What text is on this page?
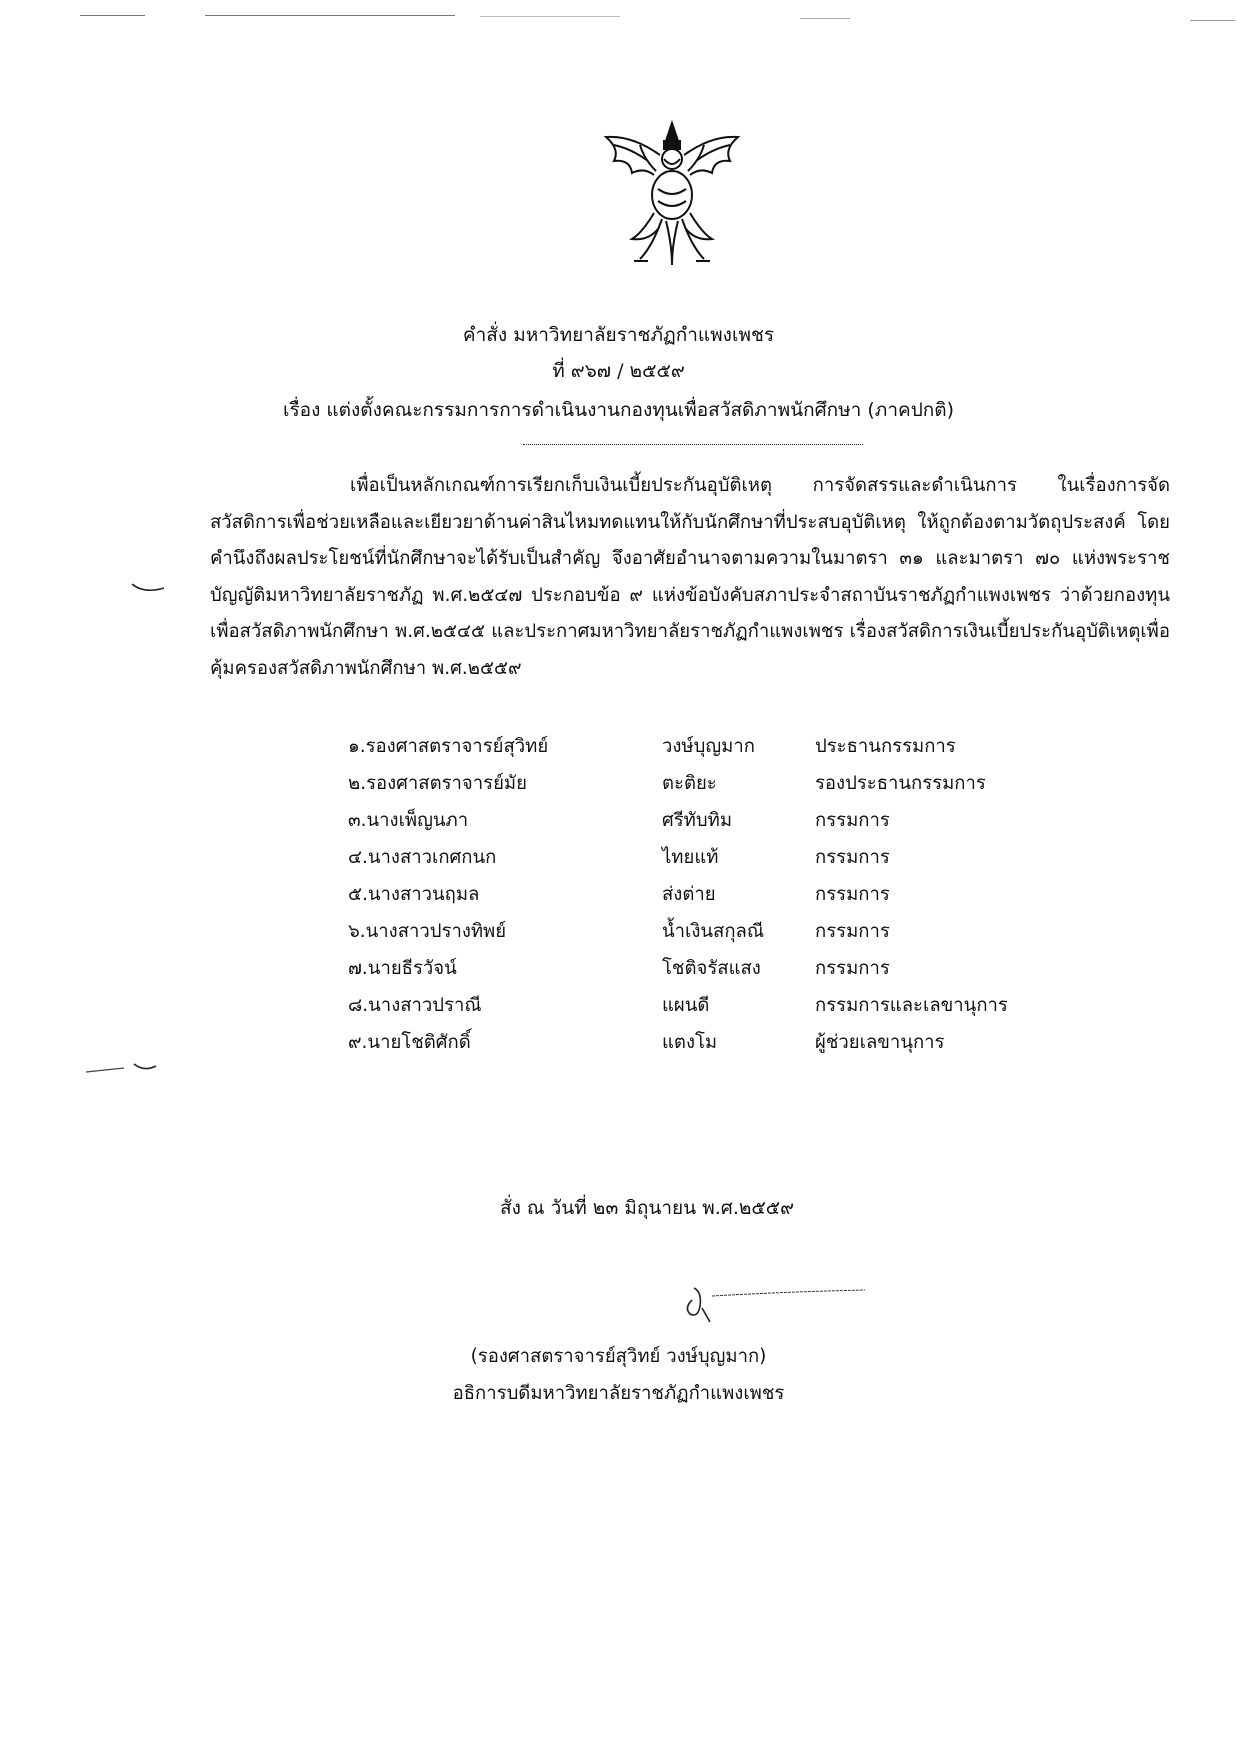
คำสั่ง มหาวิทยาลัยราชภัฏกำแพงเพชร
ที่ ๙๖๗ / ๒๕๕๙
เรื่อง แต่งตั้งคณะกรรมการการดำเนินงานกองทุนเพื่อสวัสดิภาพนักศึกษา (ภาคปกติ)
เพื่อเป็นหลักเกณฑ์การเรียกเก็บเงินเบี้ยประกันอุบัติเหตุ การจัดสรรและดำเนินการ ในเรื่องการจัดสวัสดิการเพื่อช่วยเหลือและเยียวยาด้านค่าสินไหมทดแทนให้กับนักศึกษาที่ประสบอุบัติเหตุ ให้ถูกต้องตามวัตถุประสงค์ โดยคำนึงถึงผลประโยชน์ที่นักศึกษาจะได้รับเป็นสำคัญ จึงอาศัยอำนาจตามความในมาตรา ๓๑ และมาตรา ๗๐ แห่งพระราชบัญญัติมหาวิทยาลัยราชภัฏ พ.ศ.๒๕๔๗ ประกอบข้อ ๙ แห่งข้อบังคับสภาประจำสถาบันราชภัฏกำแพงเพชร ว่าด้วยกองทุนเพื่อสวัสดิภาพนักศึกษา พ.ศ.๒๕๔๕ และประกาศมหาวิทยาลัยราชภัฏกำแพงเพชร เรื่องสวัสดิการเงินเบี้ยประกันอุบัติเหตุเพื่อคุ้มครองสวัสดิภาพนักศึกษา พ.ศ.๒๕๕๙
๑.รองศาสตราจารย์สุวิทย์	วงษ์บุญมาก	ประธานกรรมการ
๒.รองศาสตราจารย์มัย	ตะติยะ	รองประธานกรรมการ
๓.นางเพ็ญนภา	ศรีทับทิม	กรรมการ
๔.นางสาวเกศกนก	ไทยแท้	กรรมการ
๕.นางสาวนฤมล	ส่งต่าย	กรรมการ
๖.นางสาวปรางทิพย์	น้ำเงินสกุลณี	กรรมการ
๗.นายธีรวัจน์	โชติจรัสแสง	กรรมการ
๘.นางสาวปราณี	แผนดี	กรรมการและเลขานุการ
๙.นายโชติศักดิ์	แตงโม	ผู้ช่วยเลขานุการ
สั่ง ณ วันที่ ๒๓ มิถุนายน พ.ศ.๒๕๕๙
(รองศาสตราจารย์สุวิทย์ วงษ์บุญมาก)
อธิการบดีมหาวิทยาลัยราชภัฏกำแพงเพชร
